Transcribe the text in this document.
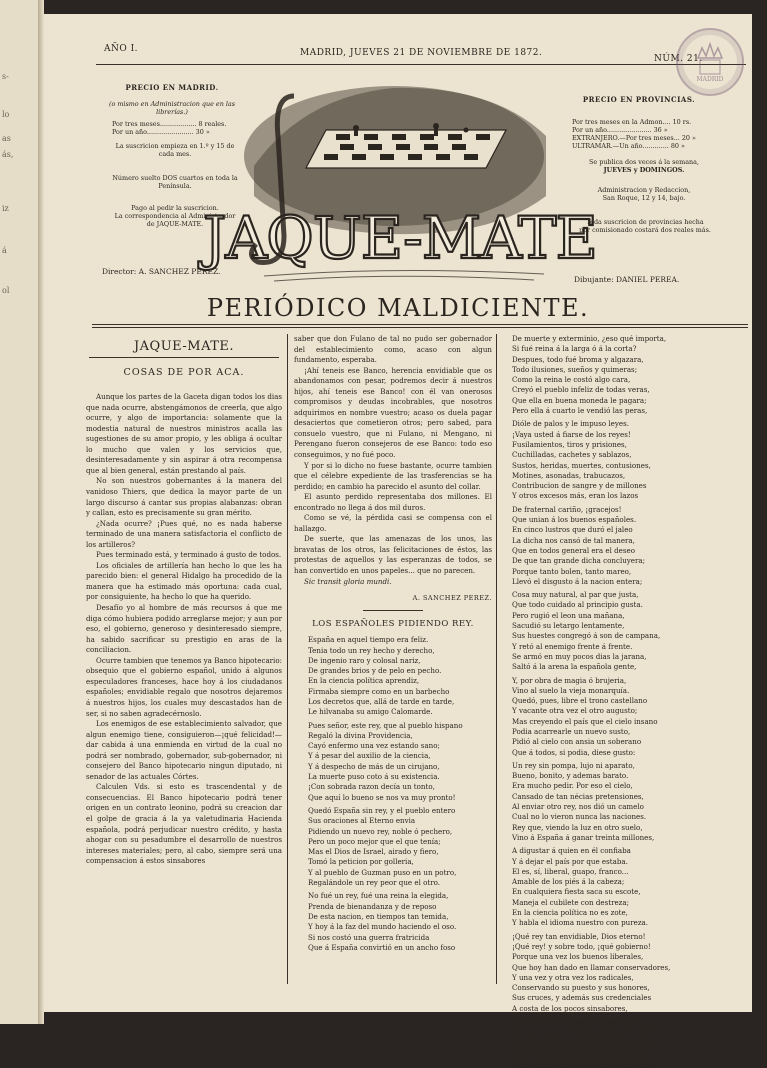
s-
lo
as
ás,
iz
á
ol
AÑO I.	MADRID, JUEVES 21 DE NOVIEMBRE DE 1872.
NÚM. 21.
MADRID
PRECIO EN MADRID.
(o mismo en Administracion que en las
librerías.)
Por tres meses.................. 8 reales.
Por un año....................... 30 »
La suscricion empieza en 1.º y 15 de
cada mes.
Número suelto DOS cuartos en toda la
Península.
Pago al pedir la suscricion.
La correspondencia al Administrador
de JAQUE-MATE.
Director: A. SANCHEZ PEREZ.
JAQUE-MATE
PRECIO EN PROVINCIAS.
Por tres meses en la Admon.... 10 rs.
Por un año...................... 36 »
EXTRANJERO.—Por tres meses... 20 »
ULTRAMAR.—Un año............. 80 »
Se publica dos veces á la semana,
JUEVES y DOMINGOS.
Administracion y Redaccion,
San Roque, 12 y 14, bajo.
Toda suscricion de provincias hecha
por comisionado costará dos reales más.
Dibujante: DANIEL PEREA.
PERIÓDICO MALDICIENTE.
JAQUE-MATE.
COSAS DE POR ACA.

Aunque los partes de la Gaceta digan todos los dias que nada ocurre, abstengámonos de creerla, que algo ocurre, y algo de importancia: solamente que la modestia natural de nuestros ministros acalla las sugestiones de su amor propio, y les obliga á ocultar lo mucho que valen y los servicios que, desinteresadamente y sin aspirar á otra recompensa que al bien general, están prestando al país.

No son nuestros gobernantes á la manera del vanidoso Thiers, que dedica la mayor parte de un largo discurso á cantar sus propias alabanzas: obran y callan, esto es precisamente su gran mérito.

¿Nada ocurre? ¡Pues qué, no es nada haberse terminado de una manera satisfactoria el conflicto de los artilleros?

Pues terminado está, y terminado á gusto de todos.

Los oficiales de artillería han hecho lo que les ha parecido bien: el general Hidalgo ha procedido de la manera que ha estimado más oportuna: cada cual, por consiguiente, ha hecho lo que ha querido.

Desafío yo al hombre de más recursos á que me diga cómo hubiera podido arreglarse mejor; y aun por eso, el gobierno, generoso y desinteresado siempre, ha sabido sacrificar su prestigio en aras de la conciliacion.

Ocurre tambien que tenemos ya Banco hipotecario: obsequio que el gobierno español, unido á algunos especuladores franceses, hace hoy á los ciudadanos españoles; envidiable regalo que nosotros dejaremos á nuestros hijos, los cuales muy descastados han de ser, si no saben agradecérnoslo.

Los enemigos de ese establecimiento salvador, que algun enemigo tiene, consiguieron—¡qué felicidad!—dar cabida á una enmienda en virtud de la cual no podrá ser nombrado, gobernador, sub-gobernador, ni consejero del Banco hipotecario ningun diputado, ni senador de las actuales Córtes.

Calculen Vds. si esto es trascendental y de consecuencias. El Banco hipotecario podrá tener origen en un contrato leonino, podrá su creacion dar el golpe de gracia á la ya valetudinaria Hacienda española, podrá perjudicar nuestro crédito, y hasta ahogar con su pesadumbre el desarrollo de nuestros intereses materiales; pero, al cabo, siempre será una compensacion á estos sinsabores

saber que don Fulano de tal no pudo ser gobernador del establecimiento como, acaso con algun fundamento, esperaba.

¡Ahí teneis ese Banco, herencia envidiable que os abandonamos con pesar, podremos decir á nuestros hijos, ahí teneis ese Banco! con él van onerosos compromisos y deudas incobrables, que nosotros adquirimos en nombre vuestro; acaso os duela pagar desaciertos que cometieron otros; pero sabed, para consuelo vuestro, que ni Fulano, ni Mengano, ni Perengano fueron consejeros de ese Banco: todo eso conseguimos, y no fué poco.

Y por si lo dicho no fuese bastante, ocurre tambien que el célebre expediente de las trasferencias se ha perdido; en cambio ha parecido el asunto del collar.

El asunto perdido representaba dos millones. El encontrado no llega á dos mil duros.

Como se vé, la pérdida casi se compensa con el hallazgo.

De suerte, que las amenazas de los unos, las bravatas de los otros, las felicitaciones de éstos, las protestas de aquellos y las esperanzas de todos, se han convertido en unos papeles... que no parecen.

Sic transit gloria mundi.

A. SANCHEZ PEREZ.
LOS ESPAÑOLES PIDIENDO REY.
España en aquel tiempo era feliz.
Tenia todo un rey hecho y derecho,
De ingenio raro y colosal nariz,
De grandes brios y de pelo en pecho.
En la ciencia política aprendiz,
Firmaba siempre como en un barbecho
Los decretos que, allá de tarde en tarde,
Le hilvanaba su amigo Calomarde.
Pues señor, este rey, que al pueblo hispano
Regaló la divina Providencia,
Cayó enfermo una vez estando sano;
Y á pesar del auxilio de la ciencia,
Y á despecho de más de un cirujano,
La muerte puso coto á su existencia.
¡Con sobrada razon decía un tonto,
Que aquí lo bueno se nos va muy pronto!
Quedó España sin rey, y el pueblo entero
Sus oraciones al Eterno envia
Pidiendo un nuevo rey, noble ó pechero,
Pero un poco mejor que el que tenía;
Mas el Dios de Israel, airado y fiero,
Tomó la peticion por golleria,
Y al pueblo de Guzman puso en un potro,
Regalándole un rey peor que el otro.
No fué un rey, fué una reina la elegida,
Prenda de bienandanza y de reposo
De esta nacion, en tiempos tan temida,
Y hoy á la faz del mundo haciendo el oso.
Si nos costó una guerra fratricida
Que á España convirtió en un ancho foso
De muerte y exterminio, ¿eso qué importa,
Si fué reina á la larga ó á la corta?
Despues, todo fué broma y algazara,
Todo ilusiones, sueños y quimeras;
Como la reina le costó algo cara,
Creyó el pueblo infeliz de todas veras,
Que ella en buena moneda le pagara;
Pero ella á cuarto le vendió las peras,
Dióle de palos y le impuso leyes.
¡Vaya usted á fiarse de los reyes!
Fusilamientos, tiros y prisiones,
Cuchilladas, cachetes y sablazos,
Sustos, heridas, muertes, contusiones,
Motines, asonadas, trabucazos,
Contribucion de sangre y de millones
Y otros excesos más, eran los lazos
De fraternal cariño, ¡gracejos!
Que unian á los buenos españoles.
En cinco lustros que duró el jaleo
La dicha nos cansó de tal manera,
Que en todos general era el deseo
De que tan grande dicha concluyera;
Porque tanto bolen, tanto mareo,
Llevó el disgusto á la nacion entera;
Cosa muy natural, al par que justa,
Que todo cuidado al principio gusta.
Pero rugió el leon una mañana,
Sacudió su letargo lentamente,
Sus huestes congregó á son de campana,
Y retó al enemigo frente á frente.
Se armó en muy pocos dias la jarana,
Saltó á la arena la española gente,
Y, por obra de magia ó brujeria,
Vino al suelo la vieja monarquía.
Quedó, pues, libre el trono castellano
Y vacante otra vez el otro augusto;
Mas creyendo el país que el cielo insano
Podia acarrearle un nuevo susto,
Pidió al cielo con ansia un soberano
Que á todos, si podia, diese gusto:
Un rey sin pompa, lujo ni aparato,
Bueno, bonito, y ademas barato.
Era mucho pedir. Por eso el cielo,
Cansado de tan nécias pretensiones,
Al enviar otro rey, nos dió un camelo
Cual no lo vieron nunca las naciones.
Rey que, viendo la luz en otro suelo,
Vino á España á ganar treinta millones,
A digustar á quien en él confiaba
Y á dejar el país por que estaba.
El es, sí, liberal, guapo, franco...
Amable de los piés á la cabeza;
En cualquiera fiesta saca su escote,
Maneja el cubilete con destreza;
En la ciencia política no es zote,
Y habla el idioma nuestro con pureza.
¡Qué rey tan envidiable, Dios eterno!
¡Qué rey! y sobre todo, ¡qué gobierno!
Porque una vez los buenos liberales,
Que hoy han dado en llamar conservadores,
Y una vez y otra vez los radicales,
Conservando su puesto y sus honores,
Sus cruces, y además sus credenciales
A costa de los pocos sinsabores,
Van llenando de trigo sus graneros
En tanto que la España queda en cueros.
Tú, cambio hay libertad, con abundante,
Matrículas de mar, quintas, estancos,
Clero, guardias del rey, banda fiotante,
